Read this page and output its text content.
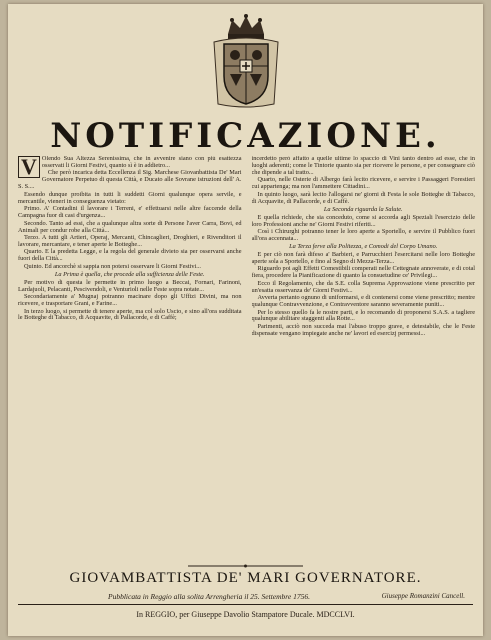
NOTIFICAZIONE.

V Olendo Sua Altezza Serenissima, che in avvenire siano con più esattezza osservati li Giorni Festivi, quanto sì è in addietro...

Che però incarica detta Eccellenza il Sig. Marchese Giovanbattista De' Mari Governatore Perpetuo di questa Città, e Ducato alle Sovrane istruzioni dell' A. S. S....

Essendo dunque proibita in tutti li suddetti Giorni qualunque opera servile, e mercantile, vieneri in conseguenza vietato:

Primo. A' Contadini il lavorare i Terreni, e' effettuarsi nelle altre faccende della Campagna fuor di casi d'urgenza...

Secondo. Tanto ad essi, che a qualunque altra sorte di Persone l'aver Carra, Bovi, ed Animali per condur robe alla Città...

Terzo. A tutti gli Artieri, Operaj, Mercanti, Chincaglieri, Droghieri, e Rivenditori il lavorare, mercantare, e tener aperte le Botteghe...

Quarto. E la predetta Legge, e la regola del generale divieto sia per osservarsi anche fuori della Città...

Quinto. Ed ancorchè si sappia non potersi osservare li Giorni Festivi...

La Prima è quella, che procede alla sufficienza delle Feste.

Per motivo di questa le permette in primo luogo a Beccai, Fornari, Farinoni, Lardajuoli, Pelacanti, Pescivendoli, e Venturioli nelle Feste sopra notate...

Secondariamente a' Mugnaj potranno macinare dopo gli Uffizi Divini, ma non ricevere, e trasportare Grani, e Farine...

In terzo luogo, si permette di tenere aperte, ma col solo Uscio, e sino all'ora sudditata le Botteghe di Tabacco, di Acquavite, di Pallacorde, e di Caffè;

incerdetto però affatto a quelle ultime lo spaccio di Vini tanto dentro ad esse, che in luoghi aderenti; come le Tintorie quanto sia per ricevere le persone, e per consegnare ciò che dipende a tal tratto...

Quarto, nelle Osterie di Albergo farà lecito ricevere, e servire i Passaggeri Forestieri cui appartenga; ma non l'ammettere Cittadini...

In quinto luogo, sarà lecito l'allogarsi ne' giorni di Festa le sole Botteghe di Tabacco, di Acquavite, di Pallacorde, e di Caffè.

La Seconda riguarda la Salute.

E quella richiede, che sia conceduto, come si accorda agli Speziali l'esercizio delle loro Professioni anche ne' Giorni Festivi riferiti...

Così i Chirurghi potranno tener le loro aperte a Sportello, e servire il Pubblico fuori all'ora accennata...

La Terza ferve alla Politezza, e Comodi del Corpo Umano.

E per ciò non farà difeso a' Barbieri, e Parrucchieri l'esercitarsi nelle loro Botteghe aperte sola a Sportello, e fino al Segno di Mezza-Terza...

Riguardo poi agli Effetti Comestibili comperati nelle Cettegnate annoverate, e di cotal fiera, procedere la Pianificazione di quanto la consuetudine ce' Privilegi...

Ecco il Regolamento, che da S.E. colla Suprema Approvazione viene prescritto per un'esatta osservanza de' Giorni Festivi...

Avverta pertanto ognuno di uniformarsi, e di contenersi come viene prescritto; mentre qualunque Contravvenzione, e Contravventore saranno severamente puniti...

Per lo stesso quello fa le nostre parti, e lo recomando di proponersi S.A.S. a tagliere qualunque abilitare staggenti alla Rotte...

Parimenti, acciò non succeda mai l'abuso troppo grave, e detestabile, che le Feste dispensate vengano impiegate anche ne' lavori ed esercizj permessi...

GIOVAMBATTISTA DE' MARI GOVERNATORE.
Pubblicata in Reggio alla solita Arrengheria il 25. Settembre 1756.	Giuseppe Romanzini Cancell.
In REGGIO, per Giuseppe Davolio Stampatore Ducale. MDCCLVI.
